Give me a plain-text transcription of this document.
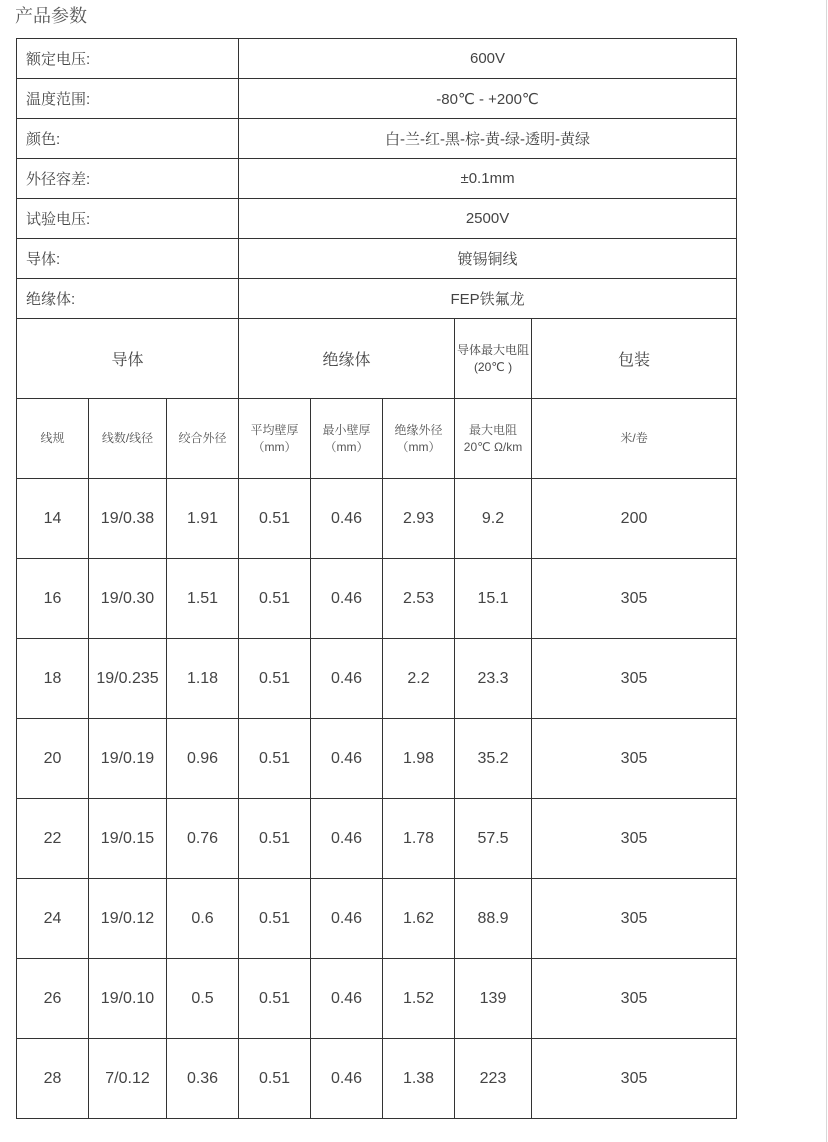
产品参数
额定电压:			600V				
温度范围:			-80℃ - +200℃				
颜色:			白-兰-红-黑-棕-黄-绿-透明-黄绿				
外径容差:			±0.1mm				
试验电压:			2500V				
导体:			镀锡铜线				
绝缘体:			FEP铁氟龙				
导体			绝缘体			导体最大电阻(20℃ )	包装
线规	线数/线径	绞合外径	平均壁厚（mm）	最小壁厚（mm）	绝缘外径（mm）	最大电阻 20℃ Ω/km	米/卷
14	19/0.38	1.91	0.51	0.46	2.93	9.2	200
16	19/0.30	1.51	0.51	0.46	2.53	15.1	305
18	19/0.235	1.18	0.51	0.46	2.2	23.3	305
20	19/0.19	0.96	0.51	0.46	1.98	35.2	305
22	19/0.15	0.76	0.51	0.46	1.78	57.5	305
24	19/0.12	0.6	0.51	0.46	1.62	88.9	305
26	19/0.10	0.5	0.51	0.46	1.52	139	305
28	7/0.12	0.36	0.51	0.46	1.38	223	305
